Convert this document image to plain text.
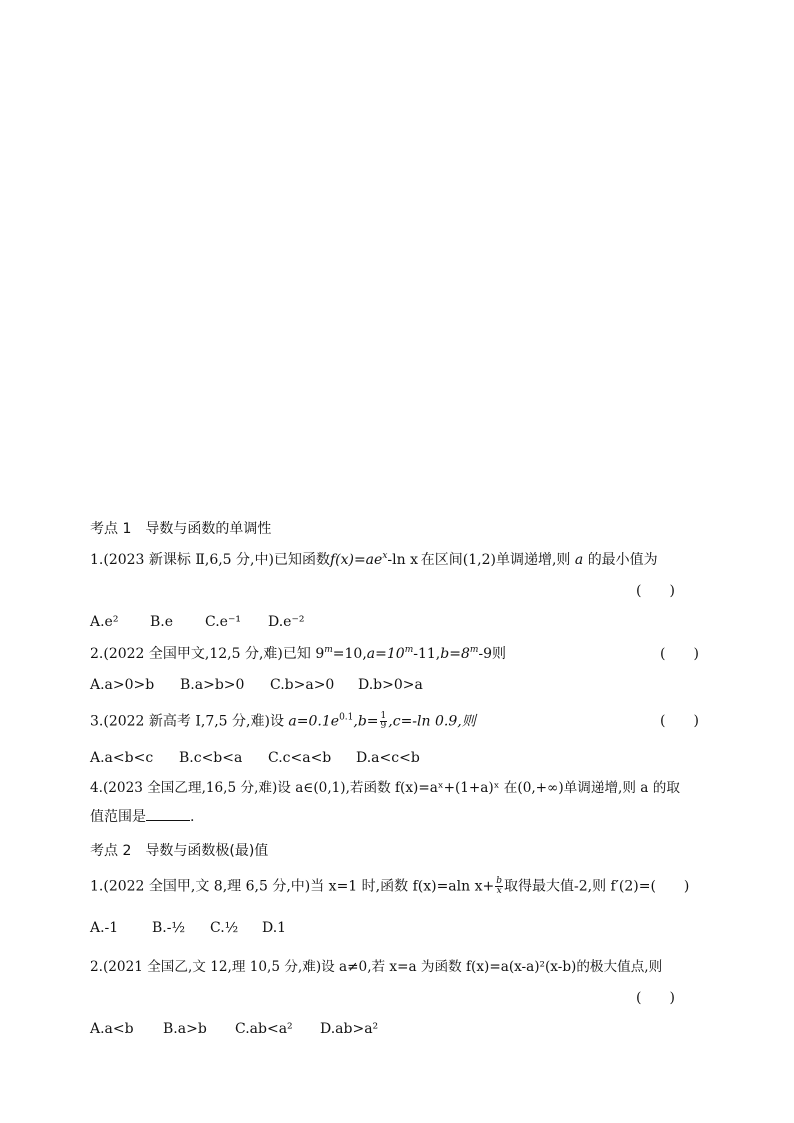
考点 1　导数与函数的单调性
1.(2023 新课标 Ⅱ,6,5 分,中)已知函数$f(x)=ae^x-\ln$ x  在区间(1,2)单调递增,则 a 的最小值为
(　　)
A.e² B.e C.e⁻¹ D.e⁻²
2.(2022 全国甲文,12,5 分,难)已知 $9^m=10,a=10^m-11,b=8^m-9$则	(　　)
A.a>0>b B.a>b>0 C.b>a>0 D.b>0>a
3.(2022 新高考 Ⅰ,7,5 分,难)设 $a=0.1e^{0.1},b= \frac{1}{9} ,c=-\ln$ 0.9,则	(　　)
A.a<b<c B.c<b<a C.c<a<b D.a<c<b
4.(2023 全国乙理,16,5 分,难)设 a∈(0,1),若函数 f(x)=aˣ+(1+a)ˣ 在(0,+∞)单调递增,则 a 的取
值范围是	.
考点 2　导数与函数极(最)值
1.(2022 全国甲,文 8,理 6,5 分,中)当 x=1 时,函数 f(x)=aln $x+ \frac{b}{x}$ 取得最大值-2,则 f′(2)=(　　)
A.-1 B.-½ C.½ D.1
2.(2021 全国乙,文 12,理 10,5 分,难)设 a≠0,若 x=a 为函数 f(x)=a(x-a)²(x-b)的极大值点,则
(　　)
A.a<b B.a>b C.ab<a² D.ab>a²
